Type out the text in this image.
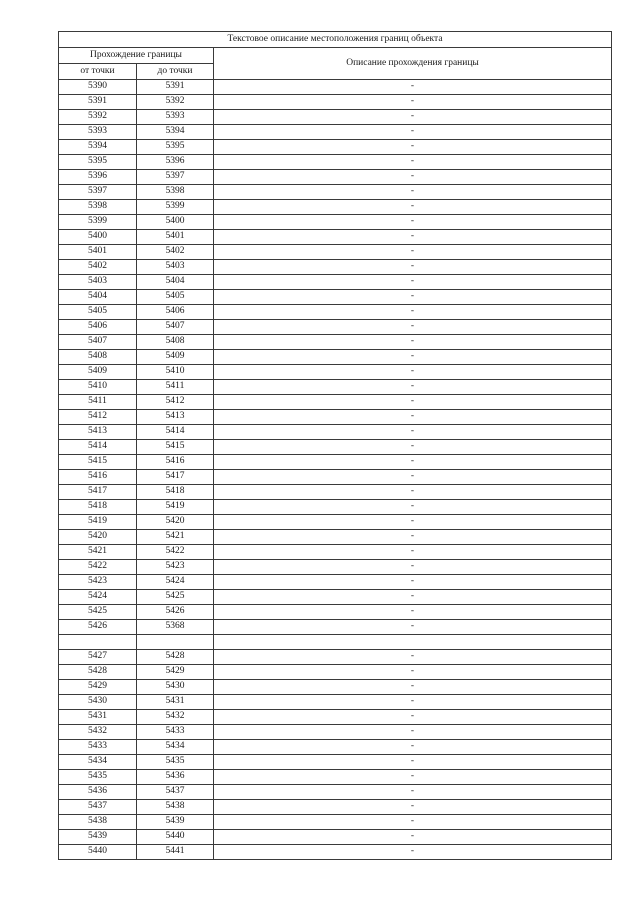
Текстовое описание местоположения границ объекта		
Прохождение границы		Описание прохождения границы
от точки	до точки	
5390	5391	-
5391	5392	-
5392	5393	-
5393	5394	-
5394	5395	-
5395	5396	-
5396	5397	-
5397	5398	-
5398	5399	-
5399	5400	-
5400	5401	-
5401	5402	-
5402	5403	-
5403	5404	-
5404	5405	-
5405	5406	-
5406	5407	-
5407	5408	-
5408	5409	-
5409	5410	-
5410	5411	-
5411	5412	-
5412	5413	-
5413	5414	-
5414	5415	-
5415	5416	-
5416	5417	-
5417	5418	-
5418	5419	-
5419	5420	-
5420	5421	-
5421	5422	-
5422	5423	-
5423	5424	-
5424	5425	-
5425	5426	-
5426	5368	-

5427	5428	-
5428	5429	-
5429	5430	-
5430	5431	-
5431	5432	-
5432	5433	-
5433	5434	-
5434	5435	-
5435	5436	-
5436	5437	-
5437	5438	-
5438	5439	-
5439	5440	-
5440	5441	-
